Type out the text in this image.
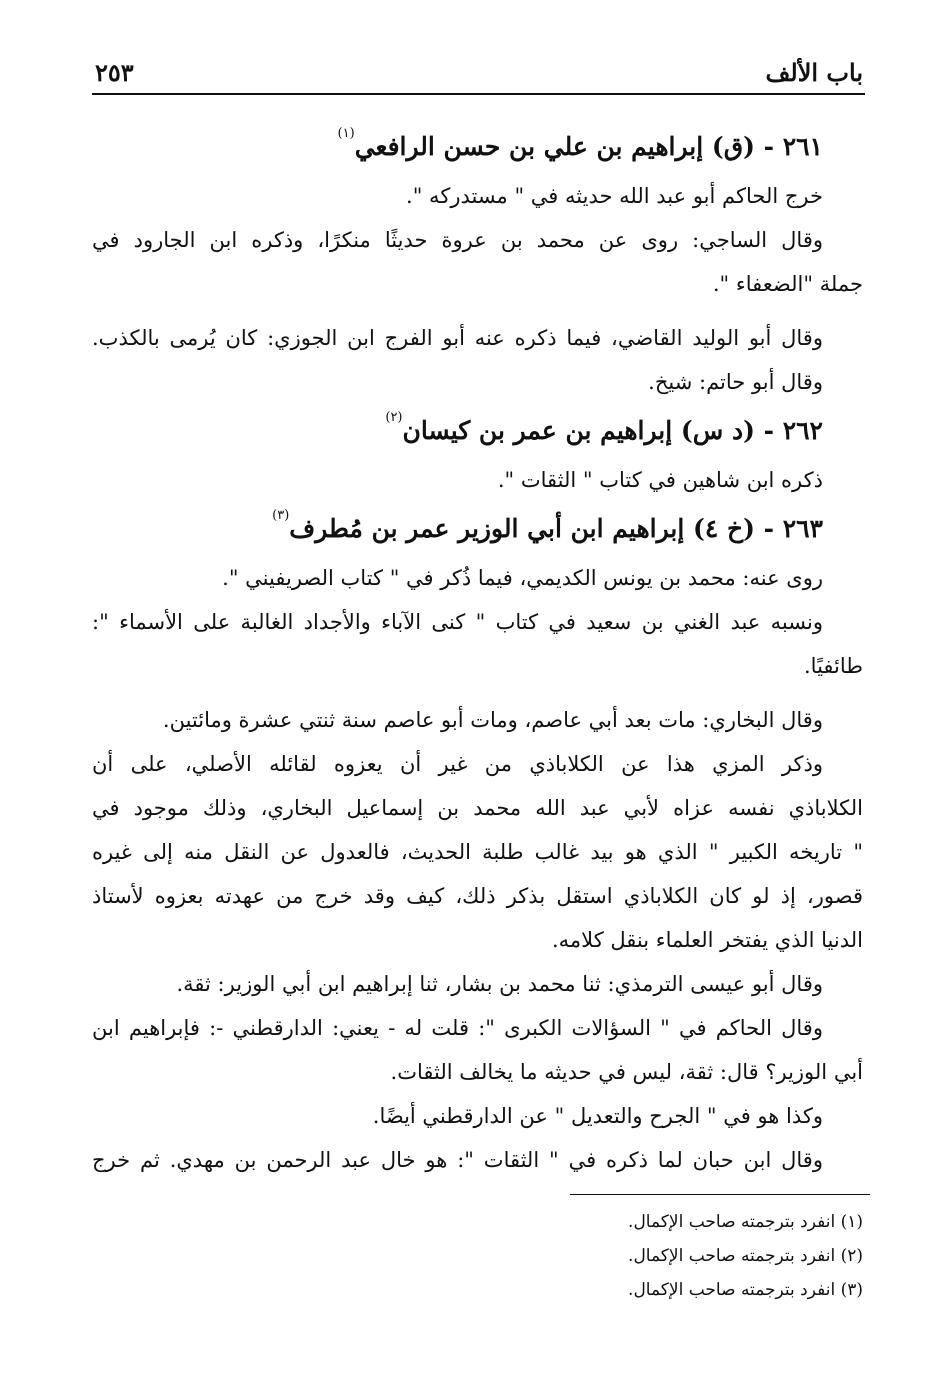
باب الألف
٢٥٣
٢٦١ - (ق) إبراهيم بن علي بن حسن الرافعي$^{(١)}$
خرج الحاكم أبو عبد الله حديثه في " مستدركه ".
وقال الساجي: روى عن محمد بن عروة حديثًا منكرًا، وذكره ابن الجارود في
جملة "الضعفاء ".
وقال أبو الوليد القاضي، فيما ذكره عنه أبو الفرج ابن الجوزي: كان يُرمى بالكذب.
وقال أبو حاتم: شيخ.
٢٦٢ - (د س) إبراهيم بن عمر بن كيسان$^{(٢)}$
ذكره ابن شاهين في كتاب " الثقات ".
٢٦٣ - (خ ٤) إبراهيم ابن أبي الوزير عمر بن مُطرف$^{(٣)}$
روى عنه: محمد بن يونس الكديمي، فيما ذُكر في " كتاب الصريفيني ".
ونسبه عبد الغني بن سعيد في كتاب " كنى الآباء والأجداد الغالبة على الأسماء ":
طائفيًا.
وقال البخاري: مات بعد أبي عاصم، ومات أبو عاصم سنة ثنتي عشرة ومائتين.
وذكر المزي هذا عن الكلاباذي من غير أن يعزوه لقائله الأصلي، على أن
الكلاباذي نفسه عزاه لأبي عبد الله محمد بن إسماعيل البخاري، وذلك موجود في
" تاريخه الكبير " الذي هو بيد غالب طلبة الحديث، فالعدول عن النقل منه إلى غيره
قصور، إذ لو كان الكلاباذي استقل بذكر ذلك، كيف وقد خرج من عهدته بعزوه لأستاذ
الدنيا الذي يفتخر العلماء بنقل كلامه.
وقال أبو عيسى الترمذي: ثنا محمد بن بشار، ثنا إبراهيم ابن أبي الوزير: ثقة.
وقال الحاكم في " السؤالات الكبرى ": قلت له - يعني: الدارقطني -: فإبراهيم ابن
أبي الوزير؟ قال: ثقة، ليس في حديثه ما يخالف الثقات.
وكذا هو في " الجرح والتعديل " عن الدارقطني أيضًا.
وقال ابن حبان لما ذكره في " الثقات ": هو خال عبد الرحمن بن مهدي. ثم خرج
(١) انفرد بترجمته صاحب الإكمال.
(٢) انفرد بترجمته صاحب الإكمال.
(٣) انفرد بترجمته صاحب الإكمال.
